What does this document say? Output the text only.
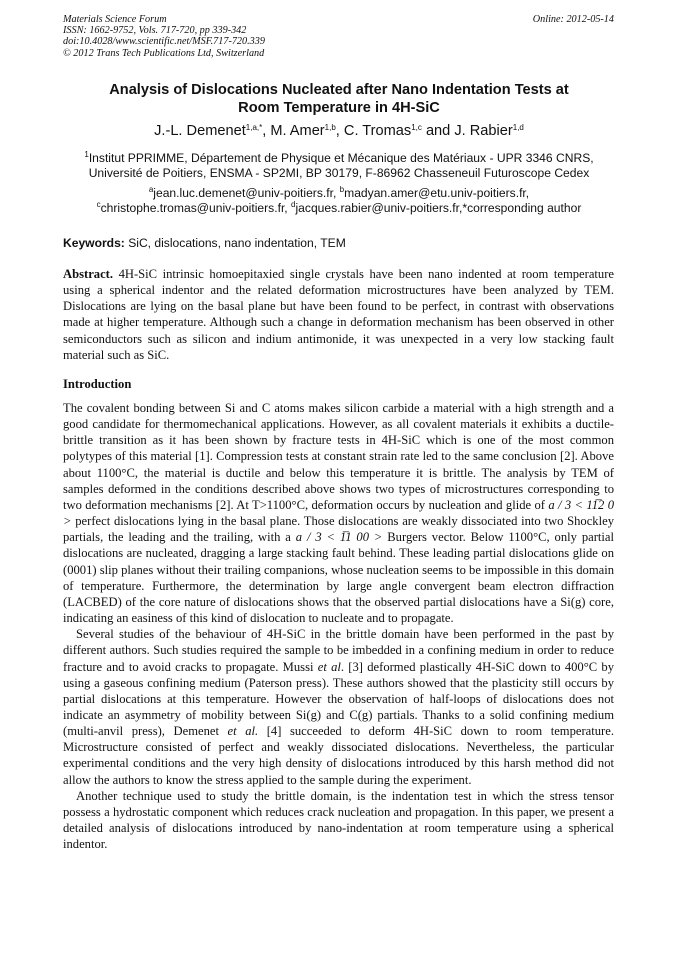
Materials Science Forum
ISSN: 1662-9752, Vols. 717-720, pp 339-342
doi:10.4028/www.scientific.net/MSF.717-720.339
© 2012 Trans Tech Publications Ltd, Switzerland
Online: 2012-05-14
Analysis of Dislocations Nucleated after Nano Indentation Tests at
Room Temperature in 4H-SiC
J.-L. Demenet$^{1,a,*}$, M. Amer$^{1,b}$, C. Tromas$^{1,c}$ and J. Rabier$^{1,d}$
$^1$Institut PPRIMME, Département de Physique et Mécanique des Matériaux - UPR 3346 CNRS,
Université de Poitiers, ENSMA - SP2MI, BP 30179, F-86962 Chasseneuil Futuroscope Cedex
$^a$jean.luc.demenet@univ-poitiers.fr, $^b$madyan.amer@etu.univ-poitiers.fr,
$^c$christophe.tromas@univ-poitiers.fr, $^d$jacques.rabier@univ-poitiers.fr,*corresponding author
Keywords: SiC, dislocations, nano indentation, TEM
Abstract. 4H-SiC intrinsic homoepitaxied single crystals have been nano indented at room temperature using a spherical indentor and the related deformation microstructures have been analyzed by TEM. Dislocations are lying on the basal plane but have been found to be perfect, in contrast with observations made at higher temperature. Although such a change in deformation mechanism has been observed in other semiconductors such as silicon and indium antimonide, it was unexpected in a very low stacking fault material such as SiC.
Introduction

The covalent bonding between Si and C atoms makes silicon carbide a material with a high strength and a good candidate for thermomechanical applications. However, as all covalent materials it exhibits a ductile-brittle transition as it has been shown by fracture tests in 4H-SiC which is one of the most common polytypes of this material [1]. Compression tests at constant strain rate led to the same conclusion [2]. Above about 1100°C, the material is ductile and below this temperature it is brittle. The analysis by TEM of samples deformed in the conditions described above shows two types of microstructures corresponding to two deformation mechanisms [2]. At T>1100°C, deformation occurs by nucleation and glide of a / 3 < 11̅2 0 > perfect dislocations lying in the basal plane. Those dislocations are weakly dissociated into two Shockley partials, the leading and the trailing, with a a / 3 < 1̅1 00 > Burgers vector. Below 1100°C, only partial dislocations are nucleated, dragging a large stacking fault behind. These leading partial dislocations glide on (0001) slip planes without their trailing companions, whose nucleation seems to be impossible in this domain of temperature. Furthermore, the determination by large angle convergent beam electron diffraction (LACBED) of the core nature of dislocations shows that the observed partial dislocations have a Si(g) core, indicating an easiness of this kind of dislocation to nucleate and to propagate.

Several studies of the behaviour of 4H-SiC in the brittle domain have been performed in the past by different authors. Such studies required the sample to be imbedded in a confining medium in order to reduce fracture and to avoid cracks to propagate. Mussi et al. [3] deformed plastically 4H-SiC down to 400°C by using a gaseous confining medium (Paterson press). These authors showed that the plasticity still occurs by partial dislocations at this temperature. However the observation of half-loops of dislocations does not indicate an asymmetry of mobility between Si(g) and C(g) partials. Thanks to a solid confining medium (multi-anvil press), Demenet et al. [4] succeeded to deform 4H-SiC down to room temperature. Microstructure consisted of perfect and weakly dissociated dislocations. Nevertheless, the particular experimental conditions and the very high density of dislocations introduced by this harsh method did not allow the authors to know the stress applied to the sample during the experiment.

Another technique used to study the brittle domain, is the indentation test in which the stress tensor possess a hydrostatic component which reduces crack nucleation and propagation. In this paper, we present a detailed analysis of dislocations introduced by nano-indentation at room temperature using a spherical indentor.
